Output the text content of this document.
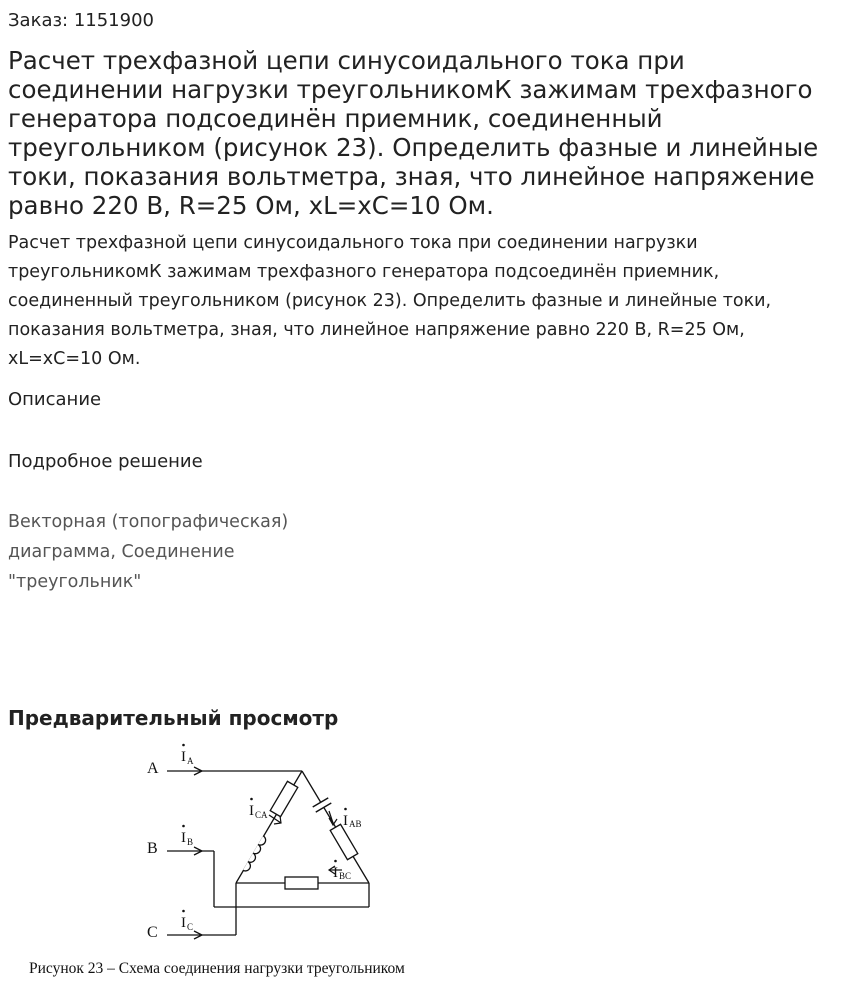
Заказ: 1151900
Расчет трехфазной цепи синусоидального тока при соединении нагрузки треугольникомК зажимам трехфазного генератора подсоединён приемник, соединенный треугольником (рисунок 23). Определить фазные и линейные токи, показания вольтметра, зная, что линейное напряжение равно 220 В, R=25 Ом, xL=xC=10 Ом.

Расчет трехфазной цепи синусоидального тока при соединении нагрузки треугольникомК зажимам трехфазного генератора подсоединён приемник, соединенный треугольником (рисунок 23). Определить фазные и линейные токи, показания вольтметра, зная, что линейное напряжение равно 220 В, R=25 Ом, xL=xC=10 Ом.

Описание
Подробное решение
Векторная (топографическая) диаграмма, Соединение "треугольник"
Предварительный просмотр
A
B
C
I A
I B
I C
I CA	I AB
I BC
Рисунок 23 – Схема соединения нагрузки треугольником
